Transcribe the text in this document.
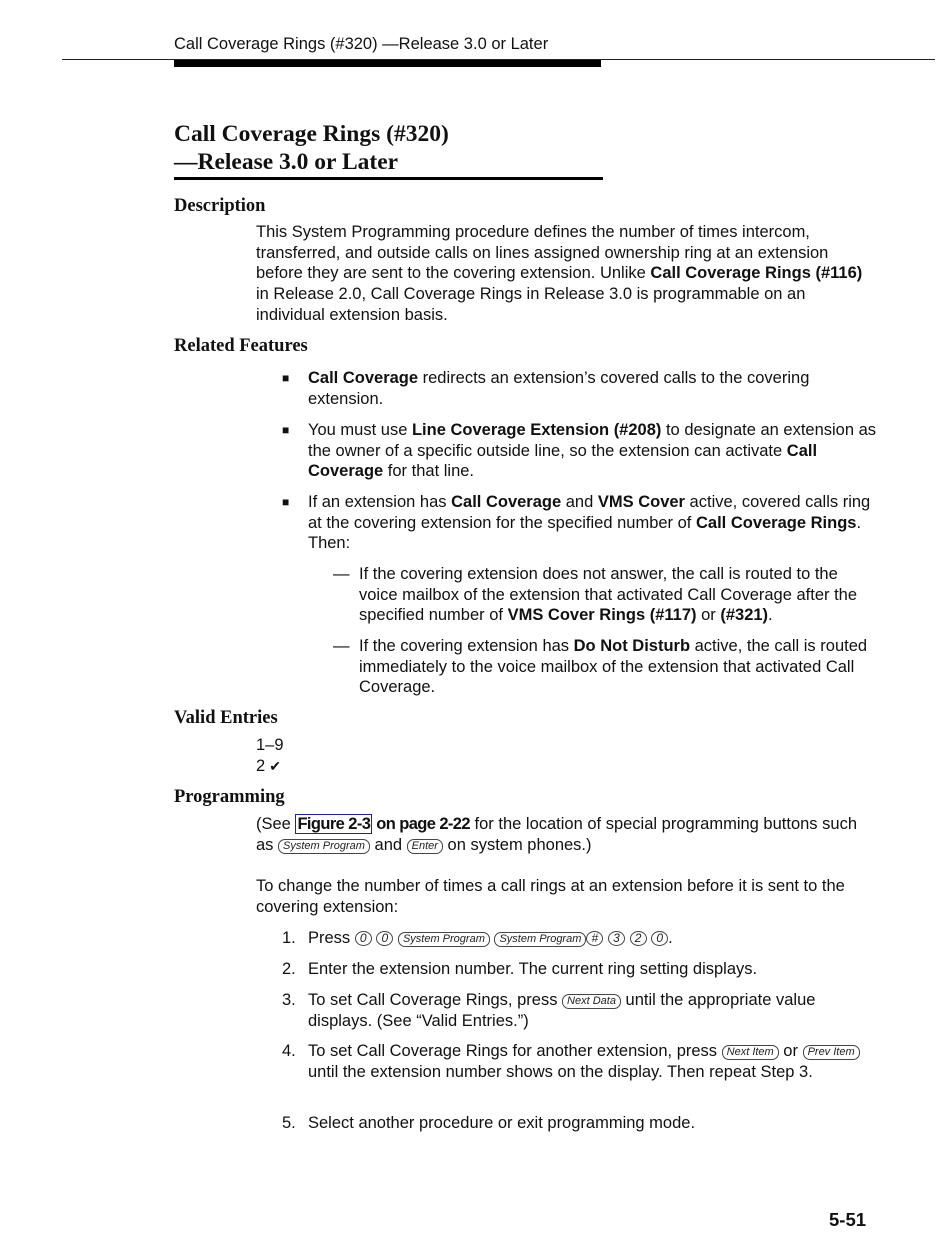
Call Coverage Rings (#320) —Release 3.0 or Later
Call Coverage Rings (#320)
—Release 3.0 or Later
Description
This System Programming procedure defines the number of times intercom, transferred, and outside calls on lines assigned ownership ring at an extension before they are sent to the covering extension. Unlike Call Coverage Rings (#116) in Release 2.0, Call Coverage Rings in Release 3.0 is programmable on an individual extension basis.
Related Features
■ Call Coverage redirects an extension’s covered calls to the covering extension.
■ You must use Line Coverage Extension (#208) to designate an extension as the owner of a specific outside line, so the extension can activate Call Coverage for that line.
■ If an extension has Call Coverage and VMS Cover active, covered calls ring at the covering extension for the specified number of Call Coverage Rings. Then:
— If the covering extension does not answer, the call is routed to the voice mailbox of the extension that activated Call Coverage after the specified number of VMS Cover Rings (#117) or (#321).
— If the covering extension has Do Not Disturb active, the call is routed immediately to the voice mailbox of the extension that activated Call Coverage.
Valid Entries
1–9
2 ✔
Programming
(See Figure 2-3 on page 2-22 for the location of special programming buttons such as System Program and Enter on system phones.)
To change the number of times a call rings at an extension before it is sent to the covering extension:
1. Press 0 0 System Program System Program # 3 2 0 .
2. Enter the extension number. The current ring setting displays.
3. To set Call Coverage Rings, press Next Data until the appropriate value displays. (See “Valid Entries.”)
4. To set Call Coverage Rings for another extension, press Next Item or Prev Item until the extension number shows on the display. Then repeat Step 3.
5. Select another procedure or exit programming mode.
5-51
